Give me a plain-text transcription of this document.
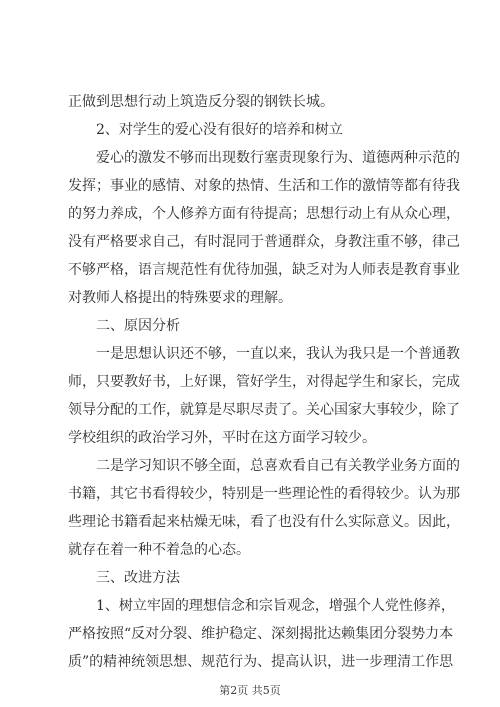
正做到思想行动上筑造反分裂的钢铁长城。
2、对学生的爱心没有很好的培养和树立
爱心的激发不够而出现数行塞责现象行为、道德两种示范的
发挥；事业的感情、对象的热情、生活和工作的激情等都有待我
的努力养成，个人修养方面有待提高；思想行动上有从众心理，
没有严格要求自己，有时混同于普通群众，身教注重不够，律己
不够严格，语言规范性有优待加强，缺乏对为人师表是教育事业
对教师人格提出的特殊要求的理解。
二、原因分析
一是思想认识还不够，一直以来，我认为我只是一个普通教
师，只要教好书，上好课，管好学生，对得起学生和家长，完成
领导分配的工作，就算是尽职尽责了。关心国家大事较少，除了
学校组织的政治学习外，平时在这方面学习较少。
二是学习知识不够全面，总喜欢看自己有关教学业务方面的
书籍，其它书看得较少，特别是一些理论性的看得较少。认为那
些理论书籍看起来枯燥无味，看了也没有什么实际意义。因此，
就存在着一种不着急的心态。
三、改进方法
1、树立牢固的理想信念和宗旨观念，增强个人党性修养，
严格按照“反对分裂、维护稳定、深刻揭批达赖集团分裂势力本
质”的精神统领思想、规范行为、提高认识，进一步理清工作思
第2页 共5页
